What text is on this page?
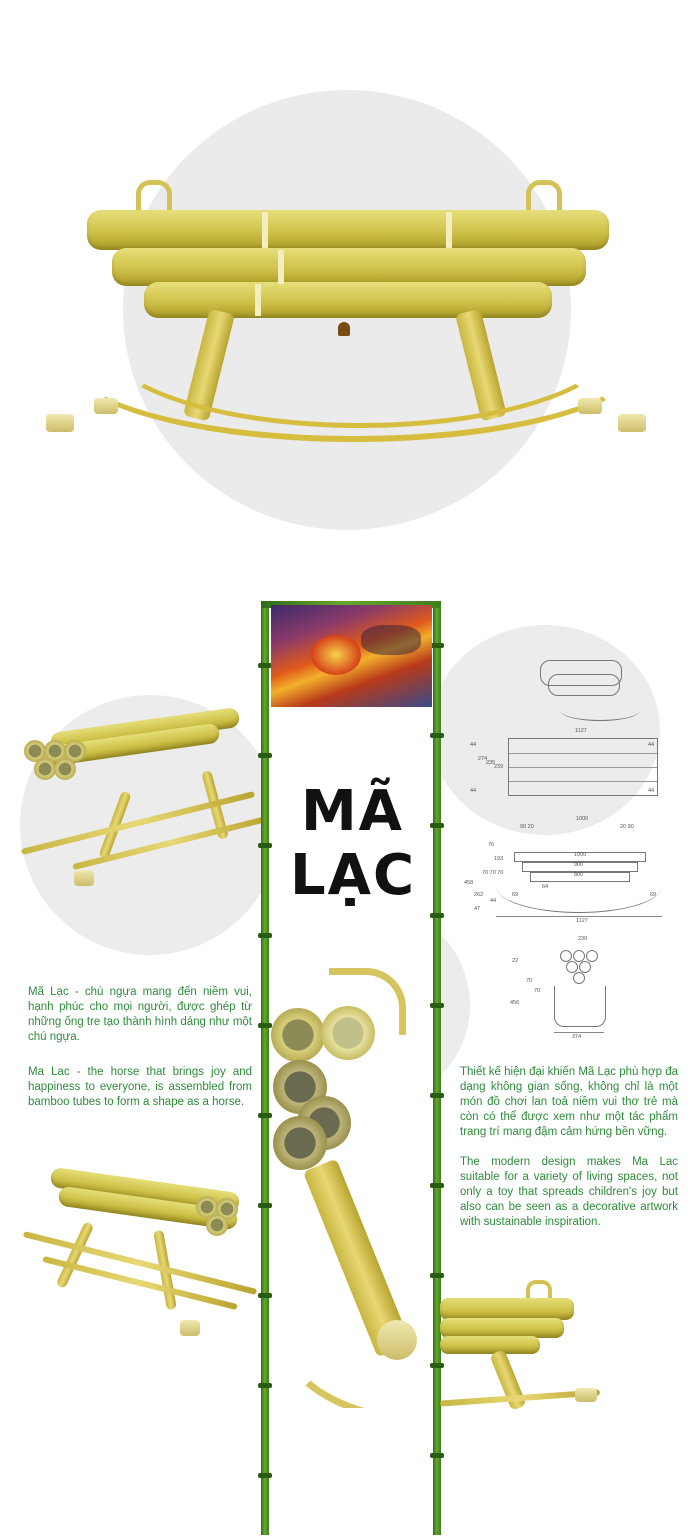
MÃ
LẠC
Mã Lạc - chú ngựa mang đến niềm vui, hạnh phúc cho mọi người, được ghép từ những ống tre tạo thành hình dáng như một chú ngựa.
Ma Lac - the horse that brings joy and happiness to everyone, is assembled from bamboo tubes to form a shape as a horse.
Thiết kế hiện đại khiến Mã Lạc phù hợp đa dạng không gian sống, không chỉ là một món đồ chơi lan toả niềm vui thơ trẻ mà còn có thể được xem như một tác phẩm trang trí mang đậm cảm hứng bền vững.
The modern design makes Ma Lac suitable for a variety of living spaces, not only a toy that spreads children's joy but also can be seen as a decorative artwork with sustainable inspiration.
1127
44
274
235
239
44
44
44
1000
90 20	20 90
1000
900
800
76
193
70 70 70
458
262
47
44
69
64
69
1127
230
22
70
70
456
374
